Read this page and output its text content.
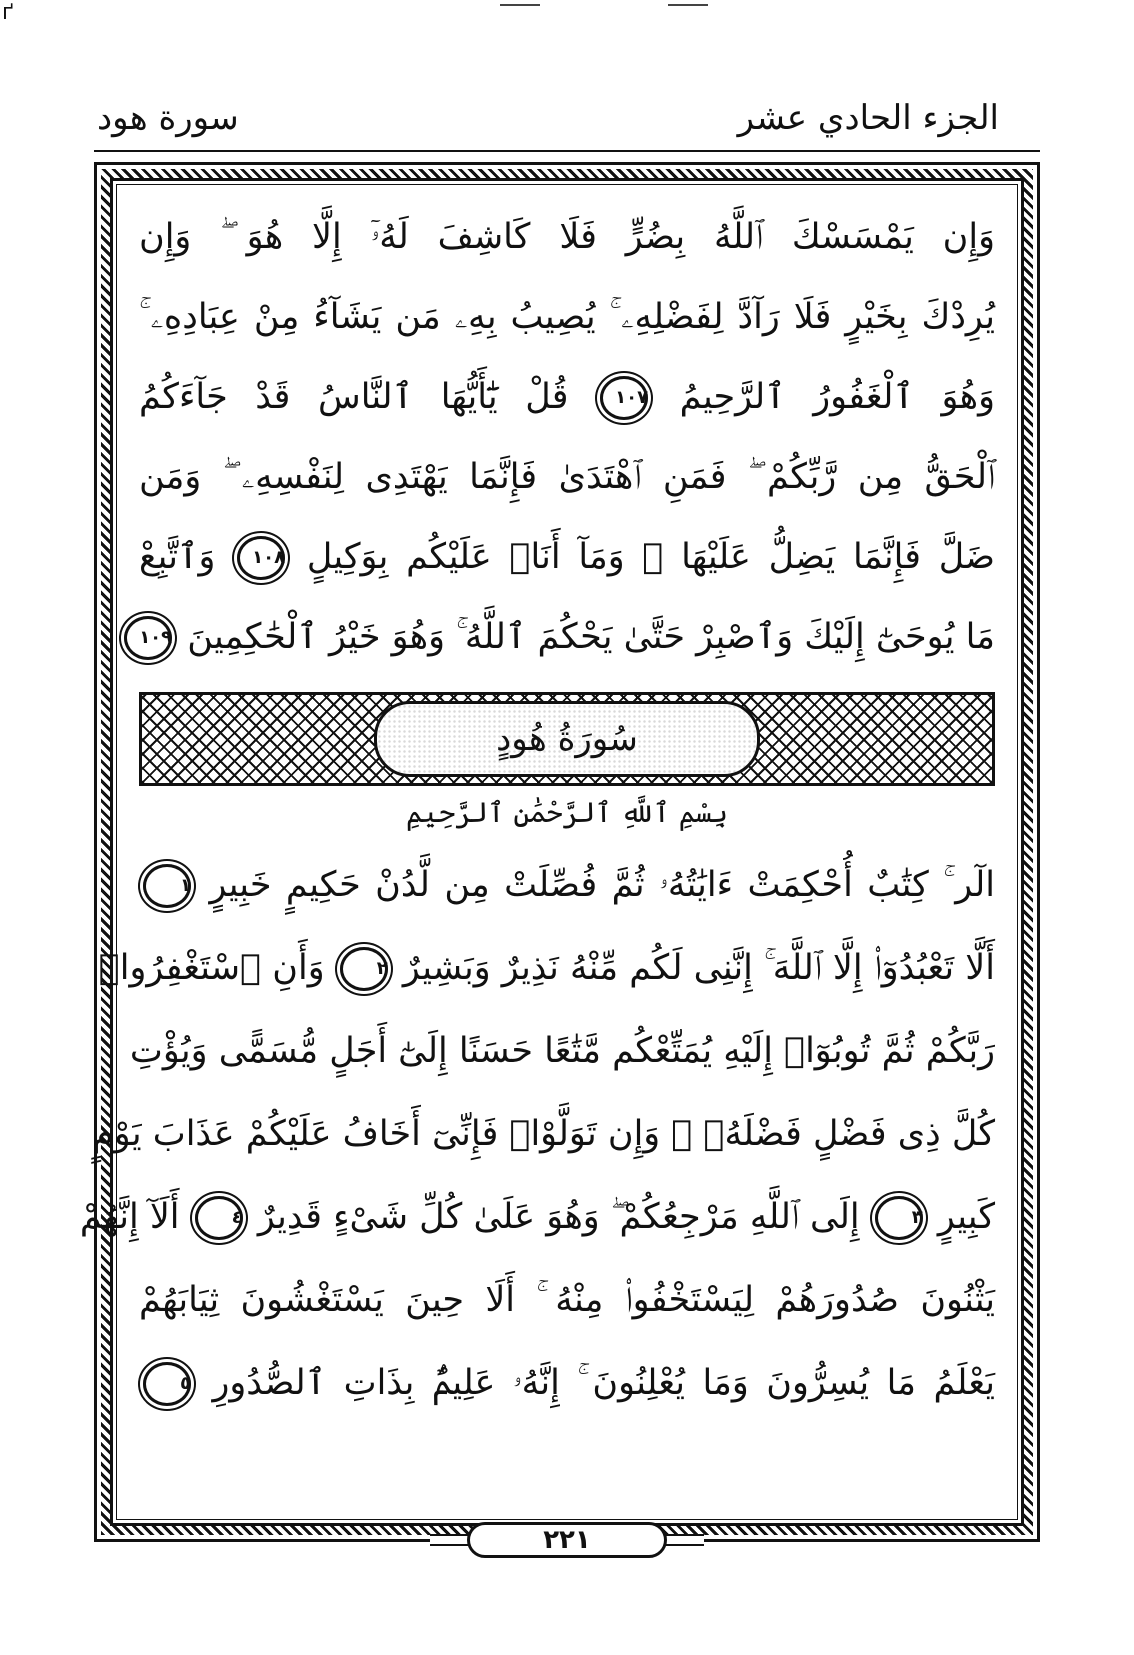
ґ
الجزء الحادي عشر
سورة هود
وَإِن يَمْسَسْكَ ٱللَّهُ بِضُرٍّ فَلَا كَاشِفَ لَهُۥٓ إِلَّا هُوَ ۖ وَإِن
يُرِدْكَ بِخَيْرٍ فَلَا رَآدَّ لِفَضْلِهِۦ ۚ يُصِيبُ بِهِۦ مَن يَشَآءُ مِنْ عِبَادِهِۦ ۚ
وَهُوَ ٱلْغَفُورُ ٱلرَّحِيمُ
١٠٧
قُلْ يَٰٓأَيُّهَا ٱلنَّاسُ قَدْ جَآءَكُمُ
ٱلْحَقُّ مِن رَّبِّكُمْ ۖ فَمَنِ ٱهْتَدَىٰ فَإِنَّمَا يَهْتَدِى لِنَفْسِهِۦ ۖ وَمَن
ضَلَّ فَإِنَّمَا يَضِلُّ عَلَيْهَا ۖ وَمَآ أَنَا۠ عَلَيْكُم بِوَكِيلٍ
١٠٨
وَٱتَّبِعْ
مَا يُوحَىٰٓ إِلَيْكَ وَٱصْبِرْ حَتَّىٰ يَحْكُمَ ٱللَّهُ ۚ وَهُوَ خَيْرُ ٱلْحَٰكِمِينَ
١٠٩
سُورَةُ هُودٍ
بِسْمِ ٱللَّهِ ٱلرَّحْمَٰنِ ٱلرَّحِيمِ
الٓر ۚ كِتَٰبٌ أُحْكِمَتْ ءَايَٰتُهُۥ ثُمَّ فُصِّلَتْ مِن لَّدُنْ حَكِيمٍ خَبِيرٍ
١
أَلَّا تَعْبُدُوٓا۟ إِلَّا ٱللَّهَ ۚ إِنَّنِى لَكُم مِّنْهُ نَذِيرٌ وَبَشِيرٌ
٢
وَأَنِ ٱسْتَغْفِرُوا۟
رَبَّكُمْ ثُمَّ تُوبُوٓا۟ إِلَيْهِ يُمَتِّعْكُم مَّتَٰعًا حَسَنًا إِلَىٰٓ أَجَلٍ مُّسَمًّى وَيُؤْتِ
كُلَّ ذِى فَضْلٍ فَضْلَهُۥ ۖ وَإِن تَوَلَّوْا۟ فَإِنِّىٓ أَخَافُ عَلَيْكُمْ عَذَابَ يَوْمٍ
كَبِيرٍ
٣
إِلَى ٱللَّهِ مَرْجِعُكُمْ ۖ وَهُوَ عَلَىٰ كُلِّ شَىْءٍ قَدِيرٌ
٤
أَلَآ إِنَّهُمْ
يَثْنُونَ صُدُورَهُمْ لِيَسْتَخْفُوا۟ مِنْهُ ۚ أَلَا حِينَ يَسْتَغْشُونَ ثِيَابَهُمْ
يَعْلَمُ مَا يُسِرُّونَ وَمَا يُعْلِنُونَ ۚ إِنَّهُۥ عَلِيمٌۢ بِذَاتِ ٱلصُّدُورِ
٥
٢٢١
